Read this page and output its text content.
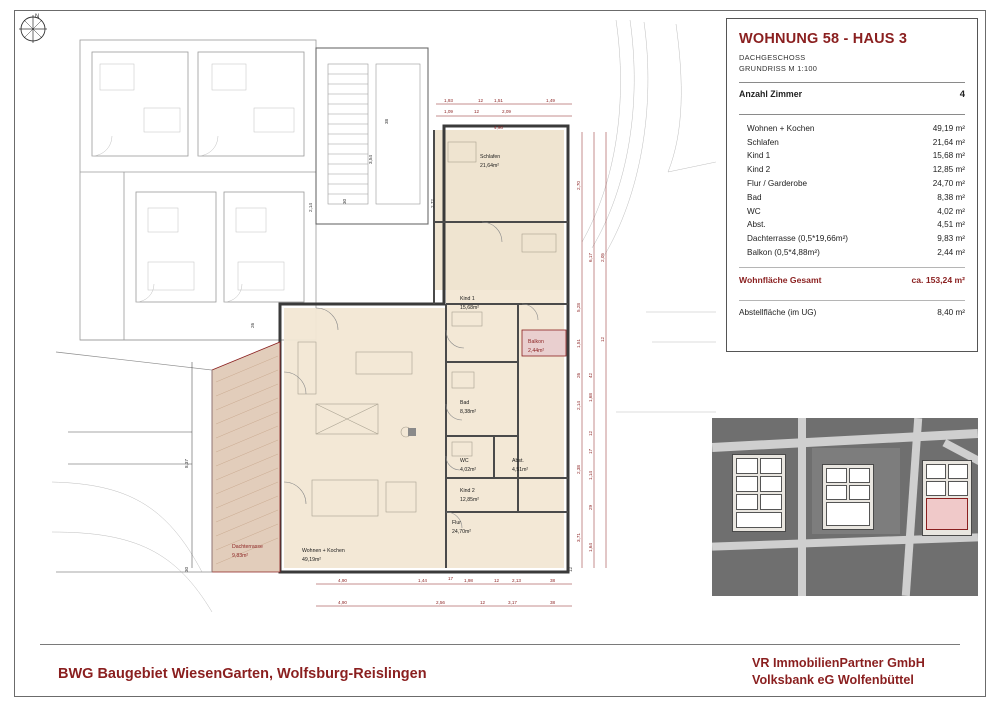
Schlafen
21,64m²
Kind 1
15,68m²
Balkon
2,44m²
Bad
8,38m²
WC
4,02m²
Abst.
4,51m²
Kind 2
12,85m²
Flur
24,70m²
Wohnen + Kochen
49,19m²
Dachterrasse
9,83m²
1,93	12 1,51
1,09	12	2,09
1,49
4,98
4,90	1,44	17 1,98	12	2,13	38
4,90	2,56	12	3,17	38
8,37
30
2,70
5,28
1,51
26 42
6,17
1,68
2,14
12
17
2,38
1,14
29
3,71
1,64
2,05
12
2,14
3,54
30
38
26
2,72
12
N
WOHNUNG 58 - HAUS 3
DACHGESCHOSS
GRUNDRISS M 1:100
Anzahl Zimmer	4
Wohnen + Kochen	49,19 m²
Schlafen	21,64 m²
Kind 1	15,68 m²
Kind 2	12,85 m²
Flur / Garderobe	24,70 m²
Bad	8,38 m²
WC	4,02 m²
Abst.	4,51 m²
Dachterrasse (0,5*19,66m²)	9,83 m²
Balkon (0,5*4,88m²)	2,44 m²
Wohnfläche Gesamt	ca. 153,24 m²
Abstellfläche (im UG)	8,40 m²
BWG Baugebiet WiesenGarten, Wolfsburg-Reislingen
VR ImmobilienPartner GmbH
Volksbank eG Wolfenbüttel
